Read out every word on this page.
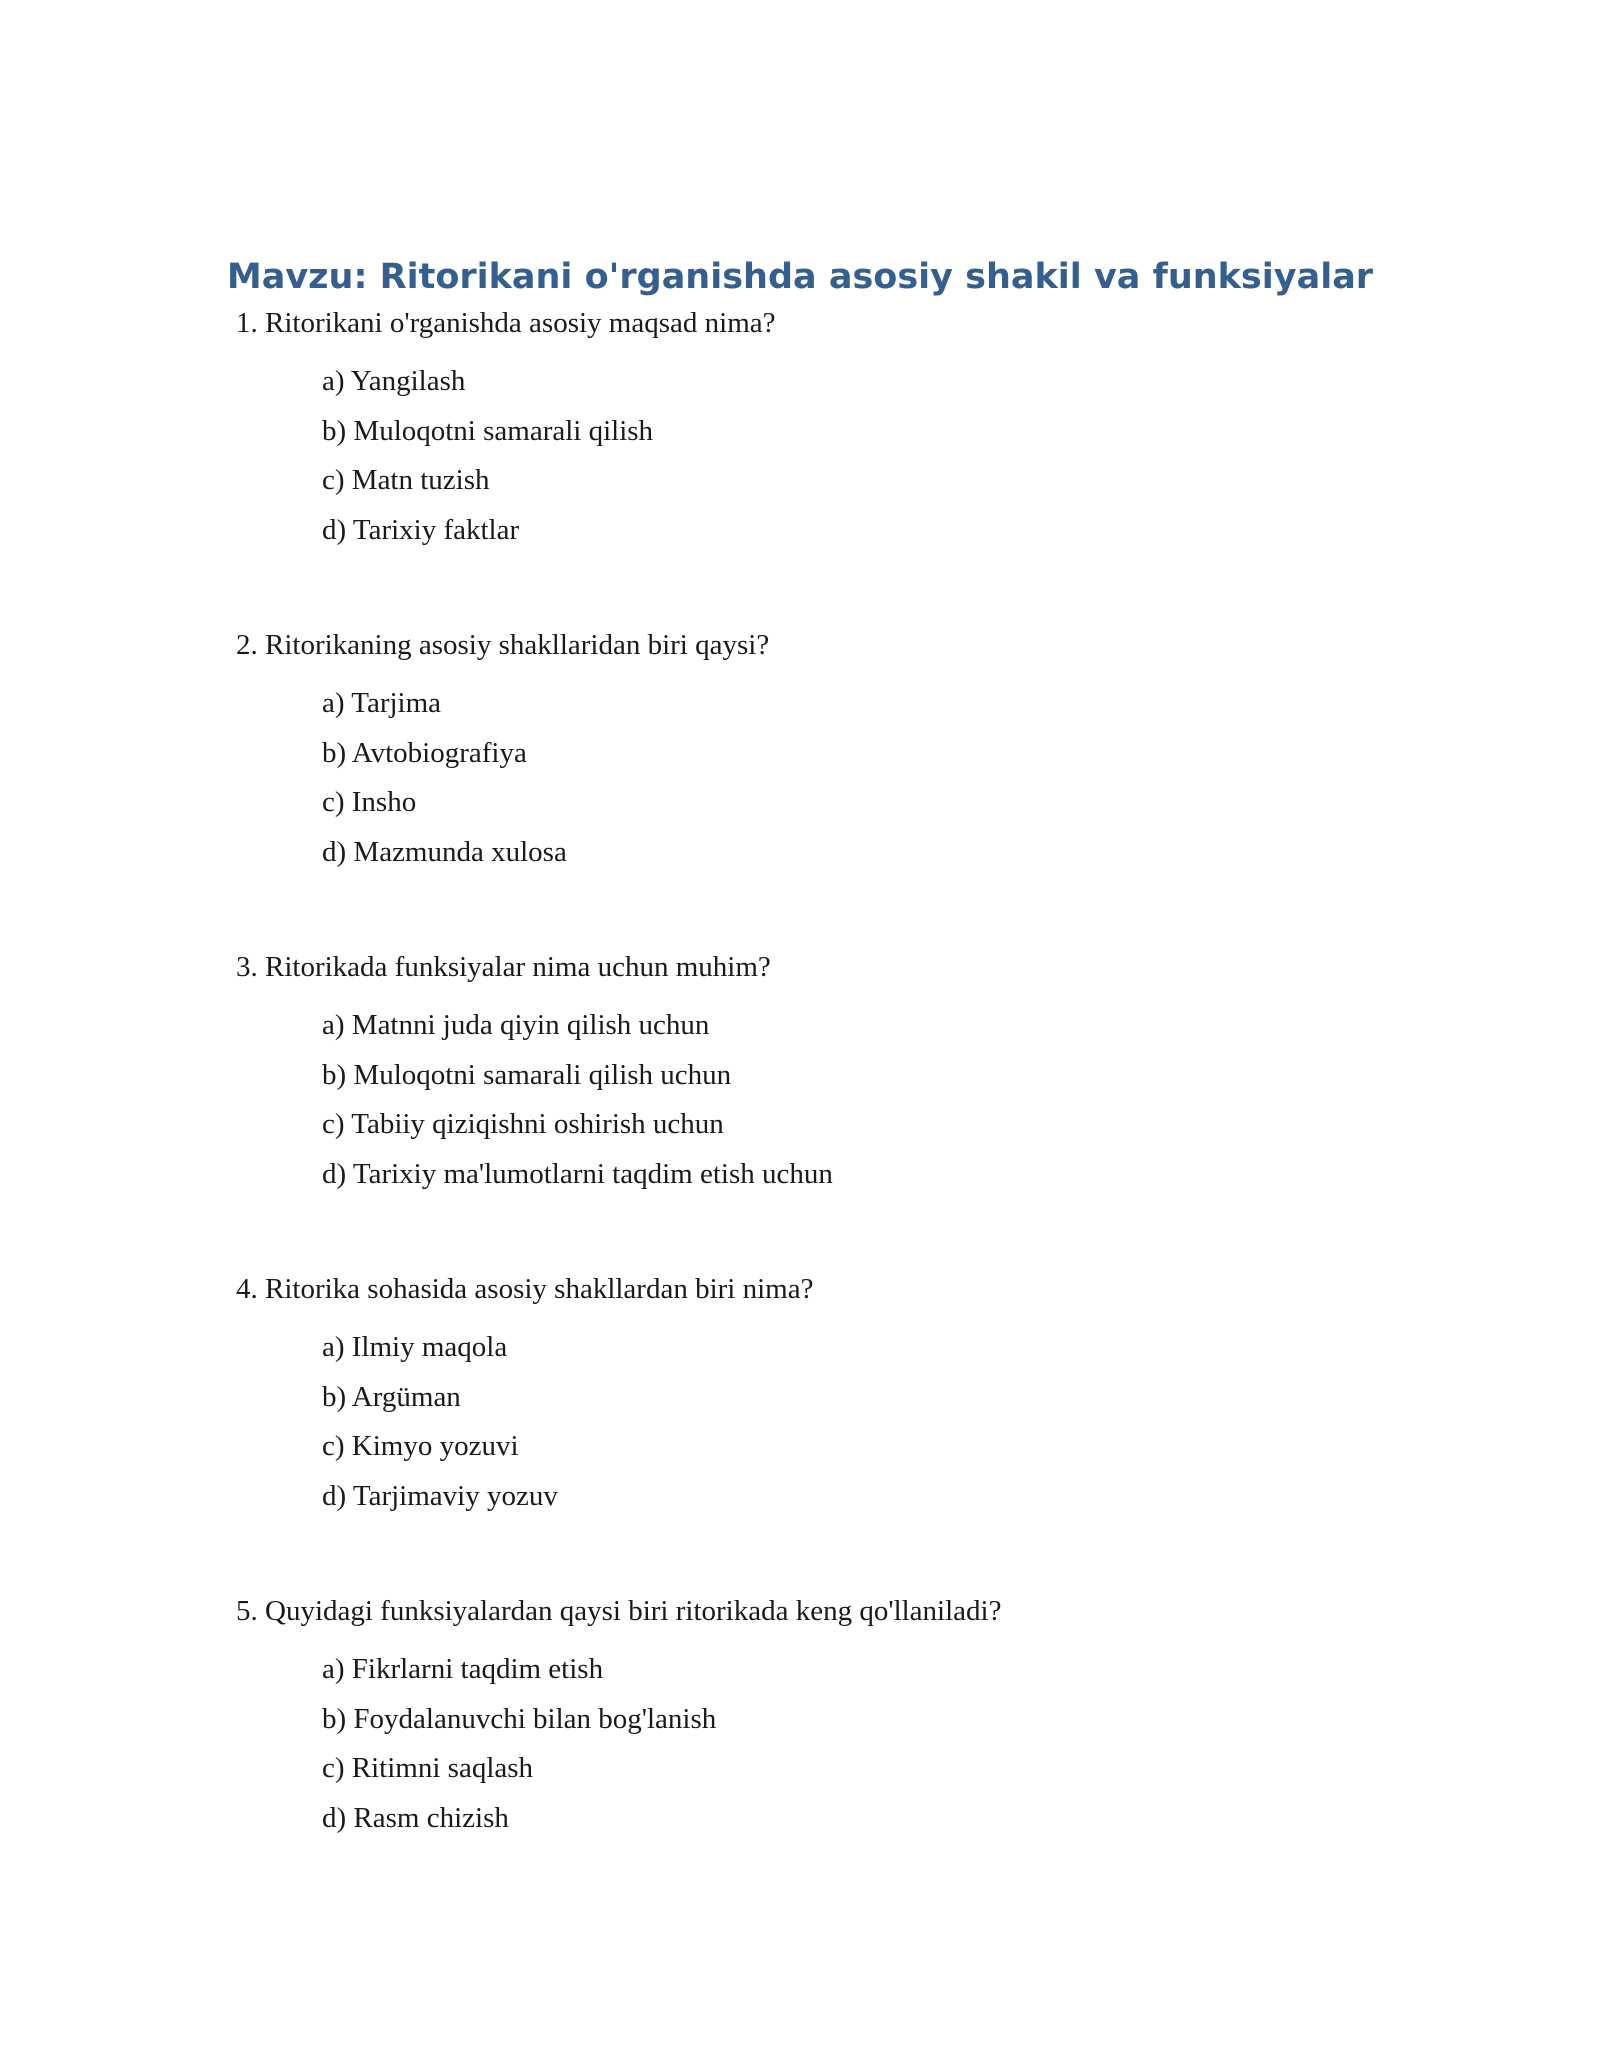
Mavzu: Ritorikani o'rganishda asosiy shakil va funksiyalar

1. Ritorikani o'rganishda asosiy maqsad nima?

a) Yangilash
b) Muloqotni samarali qilish
c) Matn tuzish
d) Tarixiy faktlar

2. Ritorikaning asosiy shakllaridan biri qaysi?

a) Tarjima
b) Avtobiografiya
c) Insho
d) Mazmunda xulosa

3. Ritorikada funksiyalar nima uchun muhim?

a) Matnni juda qiyin qilish uchun
b) Muloqotni samarali qilish uchun
c) Tabiiy qiziqishni oshirish uchun
d) Tarixiy ma'lumotlarni taqdim etish uchun

4. Ritorika sohasida asosiy shakllardan biri nima?

a) Ilmiy maqola
b) Argüman
c) Kimyo yozuvi
d) Tarjimaviy yozuv

5. Quyidagi funksiyalardan qaysi biri ritorikada keng qo'llaniladi?

a) Fikrlarni taqdim etish
b) Foydalanuvchi bilan bog'lanish
c) Ritimni saqlash
d) Rasm chizish
